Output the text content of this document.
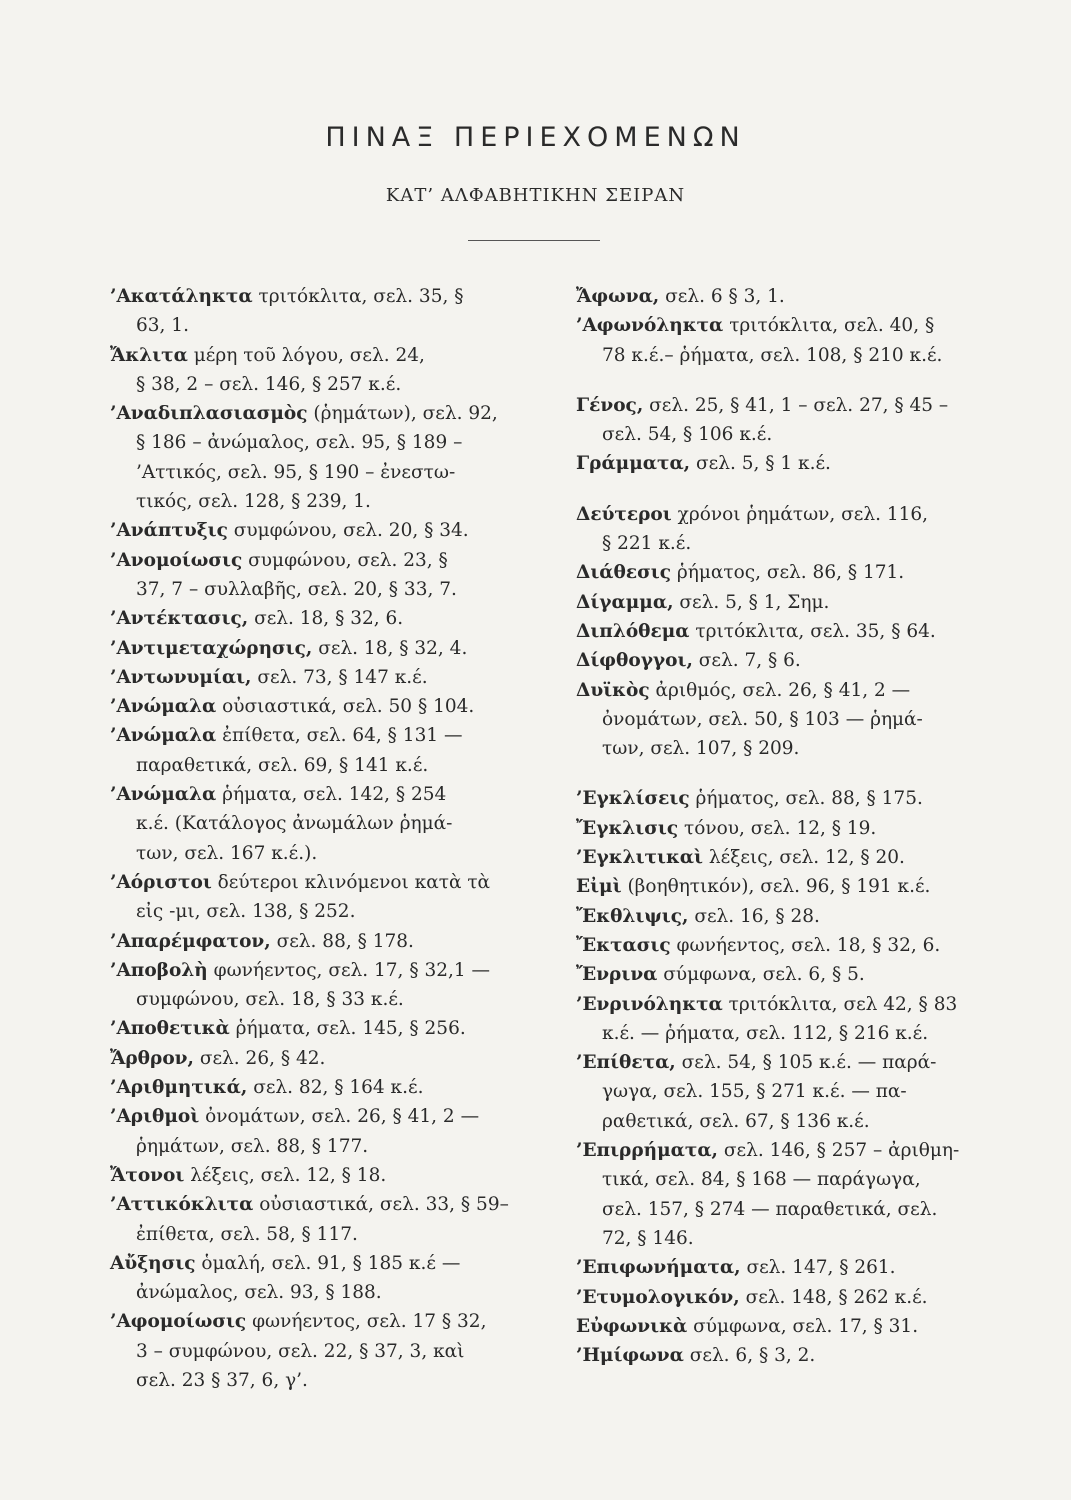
ΠΙΝΑΞ ΠΕΡΙΕΧΟΜΕΝΩΝ
ΚΑΤ’ ΑΛΦΑΒΗΤΙΚΗΝ ΣΕΙΡΑΝ
’Ακατάληκτα τριτόκλιτα, σελ. 35, §
63, 1.
Ἄκλιτα μέρη τοῦ λόγου, σελ. 24,
§ 38, 2 – σελ. 146, § 257 κ.έ.
’Αναδιπλασιασμὸς (ῥημάτων), σελ. 92,
§ 186 – ἀνώμαλος, σελ. 95, § 189 –
’Αττικός, σελ. 95, § 190 – ἐνεστω-
τικός, σελ. 128, § 239, 1.
’Ανάπτυξις συμφώνου, σελ. 20, § 34.
’Ανομοίωσις συμφώνου, σελ. 23, §
37, 7 – συλλαβῆς, σελ. 20, § 33, 7.
’Αντέκτασις, σελ. 18, § 32, 6.
’Αντιμεταχώρησις, σελ. 18, § 32, 4.
’Αντωνυμίαι, σελ. 73, § 147 κ.έ.
’Ανώμαλα οὐσιαστικά, σελ. 50 § 104.
’Ανώμαλα ἐπίθετα, σελ. 64, § 131 —
παραθετικά, σελ. 69, § 141 κ.έ.
’Ανώμαλα ῥήματα, σελ. 142, § 254
κ.έ. (Κατάλογος ἀνωμάλων ῥημά-
των, σελ. 167 κ.έ.).
’Αόριστοι δεύτεροι κλινόμενοι κατὰ τὰ
εἰς -μι, σελ. 138, § 252.
’Απαρέμφατον, σελ. 88, § 178.
’Αποβολὴ φωνήεντος, σελ. 17, § 32,1 —
συμφώνου, σελ. 18, § 33 κ.έ.
’Αποθετικὰ ῥήματα, σελ. 145, § 256.
Ἄρθρον, σελ. 26, § 42.
’Αριθμητικά, σελ. 82, § 164 κ.έ.
’Αριθμοὶ ὀνομάτων, σελ. 26, § 41, 2 —
ῥημάτων, σελ. 88, § 177.
Ἄτονοι λέξεις, σελ. 12, § 18.
’Αττικόκλιτα οὐσιαστικά, σελ. 33, § 59–
ἐπίθετα, σελ. 58, § 117.
Αὔξησις ὁμαλή, σελ. 91, § 185 κ.έ —
ἀνώμαλος, σελ. 93, § 188.
’Αφομοίωσις φωνήεντος, σελ. 17 § 32,
3 – συμφώνου, σελ. 22, § 37, 3, καὶ
σελ. 23 § 37, 6, γ’.
Ἄφωνα, σελ. 6 § 3, 1.
’Αφωνόληκτα τριτόκλιτα, σελ. 40, §
78 κ.έ.– ῥήματα, σελ. 108, § 210 κ.έ.
Γένος, σελ. 25, § 41, 1 – σελ. 27, § 45 –
σελ. 54, § 106 κ.έ.
Γράμματα, σελ. 5, § 1 κ.έ.
Δεύτεροι χρόνοι ῥημάτων, σελ. 116,
§ 221 κ.έ.
Διάθεσις ῥήματος, σελ. 86, § 171.
Δίγαμμα, σελ. 5, § 1, Σημ.
Διπλόθεμα τριτόκλιτα, σελ. 35, § 64.
Δίφθογγοι, σελ. 7, § 6.
Δυϊκὸς ἀριθμός, σελ. 26, § 41, 2 —
ὀνομάτων, σελ. 50, § 103 — ῥημά-
των, σελ. 107, § 209.
’Εγκλίσεις ῥήματος, σελ. 88, § 175.
Ἔγκλισις τόνου, σελ. 12, § 19.
’Εγκλιτικαὶ λέξεις, σελ. 12, § 20.
Εἰμὶ (βοηθητικόν), σελ. 96, § 191 κ.έ.
Ἔκθλιψις, σελ. 16, § 28.
Ἔκτασις φωνήεντος, σελ. 18, § 32, 6.
Ἔνρινα σύμφωνα, σελ. 6, § 5.
’Ενρινόληκτα τριτόκλιτα, σελ 42, § 83
κ.έ. — ῥήματα, σελ. 112, § 216 κ.έ.
’Επίθετα, σελ. 54, § 105 κ.έ. — παρά-
γωγα, σελ. 155, § 271 κ.έ. — πα-
ραθετικά, σελ. 67, § 136 κ.έ.
’Επιρρήματα, σελ. 146, § 257 – ἀριθμη-
τικά, σελ. 84, § 168 — παράγωγα,
σελ. 157, § 274 — παραθετικά, σελ.
72, § 146.
’Επιφωνήματα, σελ. 147, § 261.
’Ετυμολογικόν, σελ. 148, § 262 κ.έ.
Εὐφωνικὰ σύμφωνα, σελ. 17, § 31.
’Ημίφωνα σελ. 6, § 3, 2.
